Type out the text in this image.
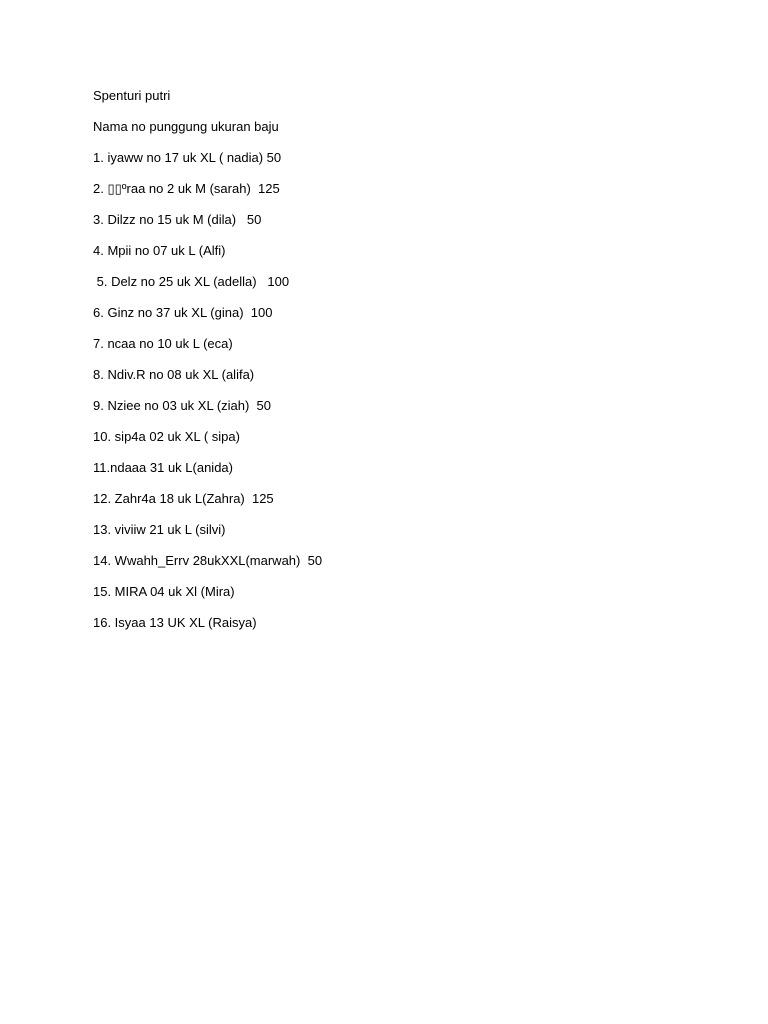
Spenturi putri
Nama no punggung ukuran baju
1. iyaww no 17 uk XL ( nadia) 50
2. ▯▯ºraa no 2 uk M (sarah)  125
3. Dilzz no 15 uk M (dila)   50
4. Mpii no 07 uk L (Alfi)
5. Delz no 25 uk XL (adella)   100
6. Ginz no 37 uk XL (gina)  100
7. ncaa no 10 uk L (eca)
8. Ndiv.R no 08 uk XL (alifa)
9. Nziee no 03 uk XL (ziah)  50
10. sip4a 02 uk XL ( sipa)
11.ndaaa 31 uk L(anida)
12. Zahr4a 18 uk L(Zahra)  125
13. viviiw 21 uk L (silvi)
14. Wwahh_Errv 28ukXXL(marwah)  50
15. MIRA 04 uk Xl (Mira)
16. Isyaa 13 UK XL (Raisya)
